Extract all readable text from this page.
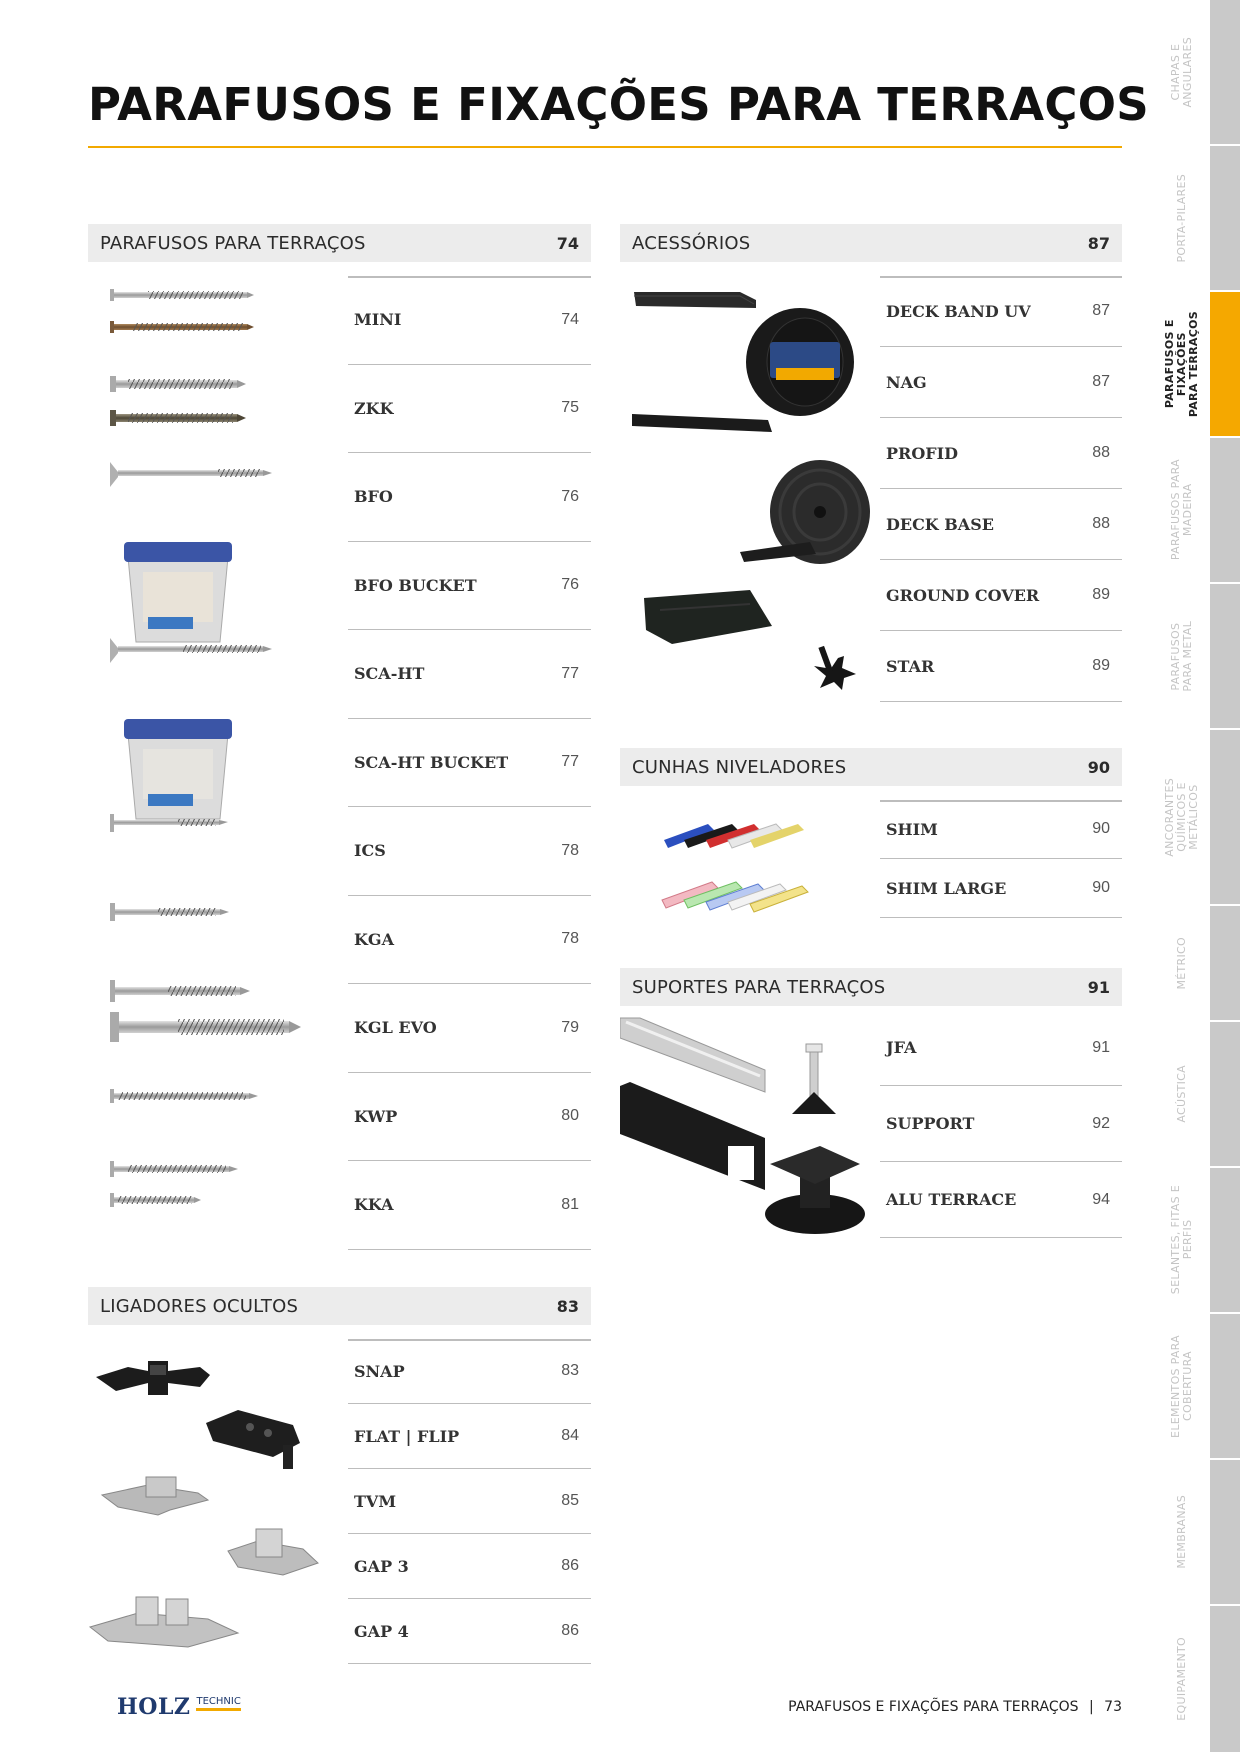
PARAFUSOS E FIXAÇÕES PARA TERRAÇOS
PARAFUSOS PARA TERRAÇOS	74
MINI	74
ZKK	75
BFO	76
BFO BUCKET	76
SCA-HT	77
SCA-HT BUCKET	77
ICS	78
KGA	78
KGL EVO	79
KWP	80
KKA	81
LIGADORES OCULTOS	83
SNAP	83
FLAT | FLIP	84
TVM	85
GAP 3	86
GAP 4	86
ACESSÓRIOS	87
DECK BAND UV	87
NAG	87
PROFID	88
DECK BASE	88
GROUND COVER	89
STAR	89
CUNHAS NIVELADORES	90
SHIM	90
SHIM LARGE	90
SUPORTES PARA TERRAÇOS	91
JFA	91
SUPPORT	92
ALU TERRACE	94
CHAPAS E
ANGULARES
PORTA-PILARES
PARAFUSOS E
FIXAÇÕES
PARA TERRAÇOS
PARAFUSOS PARA
MADEIRA
PARAFUSOS
PARA METAL
ANCORANTES
QUÍMICOS E
METÁLICOS
MÉTRICO
ACÚSTICA
SELANTES, FITAS E
PERFIS
ELEMENTOS PARA
COBERTURA
MEMBRANAS
EQUIPAMENTO
HOLZ TECHNIC	PARAFUSOS E FIXAÇÕES PARA TERRAÇOS | 73
